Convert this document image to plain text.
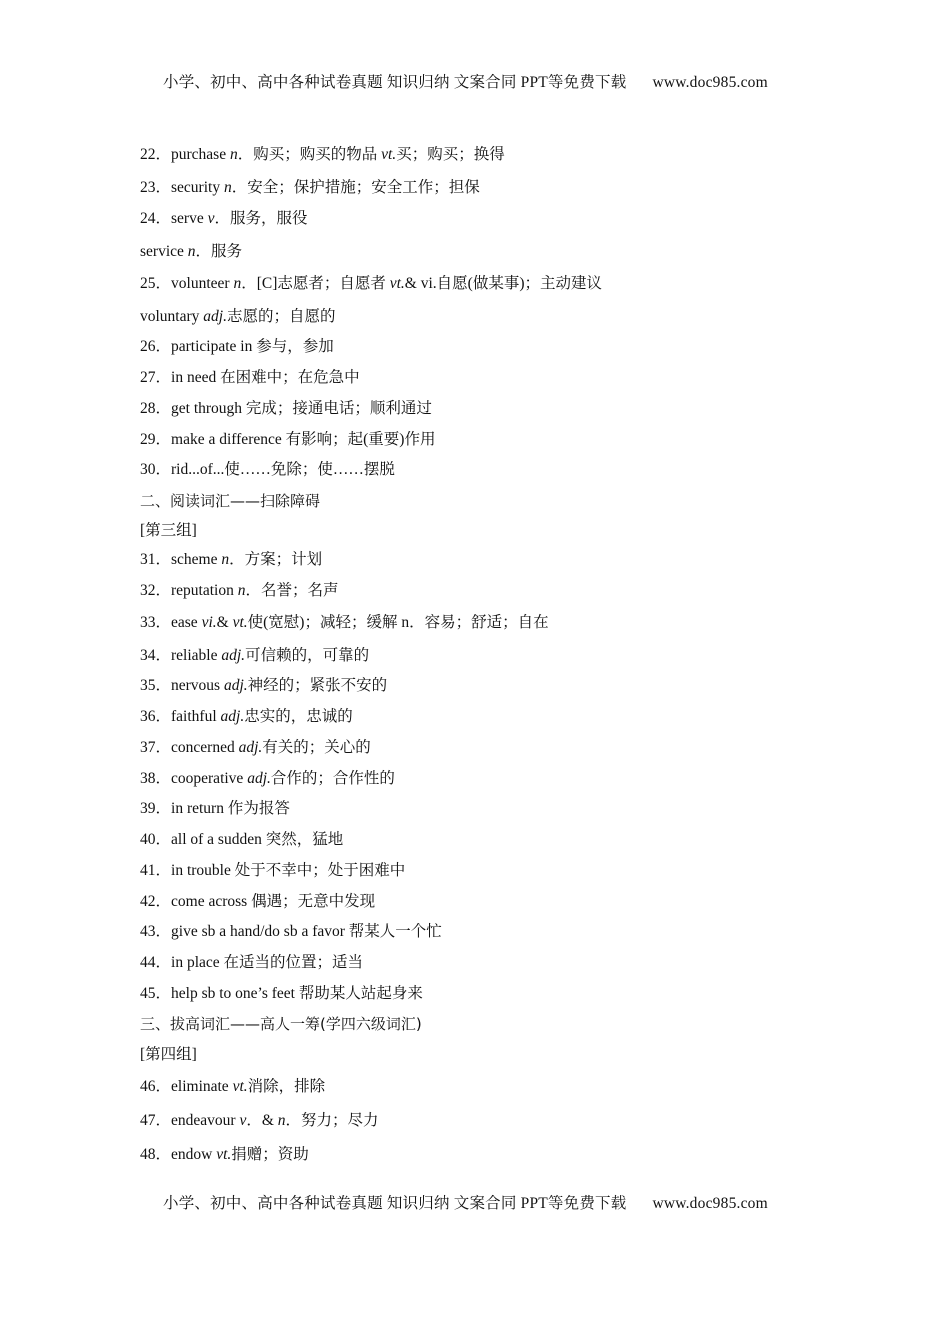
小学、初中、高中各种试卷真题 知识归纳 文案合同 PPT等免费下载 www.doc985.com
22．purchase n．购买；购买的物品 vt.买；购买；换得
23．security n．安全；保护措施；安全工作；担保
24．serve v．服务，服役
service n．服务
25．volunteer n．[C]志愿者；自愿者 vt.& vi.自愿(做某事)；主动建议
voluntary adj.志愿的；自愿的
26．participate in 参与，参加
27．in need 在困难中；在危急中
28．get through 完成；接通电话；顺利通过
29．make a difference 有影响；起(重要)作用
30．rid...of...使……免除；使……摆脱
二、阅读词汇——扫除障碍
[第三组]
31．scheme n．方案；计划
32．reputation n．名誉；名声
33．ease vi.& vt.使(宽慰)；减轻；缓解 n．容易；舒适；自在
34．reliable adj.可信赖的，可靠的
35．nervous adj.神经的；紧张不安的
36．faithful adj.忠实的，忠诚的
37．concerned adj.有关的；关心的
38．cooperative adj.合作的；合作性的
39．in return 作为报答
40．all of a sudden 突然，猛地
41．in trouble 处于不幸中；处于困难中
42．come across 偶遇；无意中发现
43．give sb a hand/do sb a favor 帮某人一个忙
44．in place 在适当的位置；适当
45．help sb to one’s feet 帮助某人站起身来
三、拔高词汇——高人一筹(学四六级词汇)
[第四组]
46．eliminate vt.消除，排除
47．endeavour v．& n．努力；尽力
48．endow vt.捐赠；资助
小学、初中、高中各种试卷真题 知识归纳 文案合同 PPT等免费下载 www.doc985.com
